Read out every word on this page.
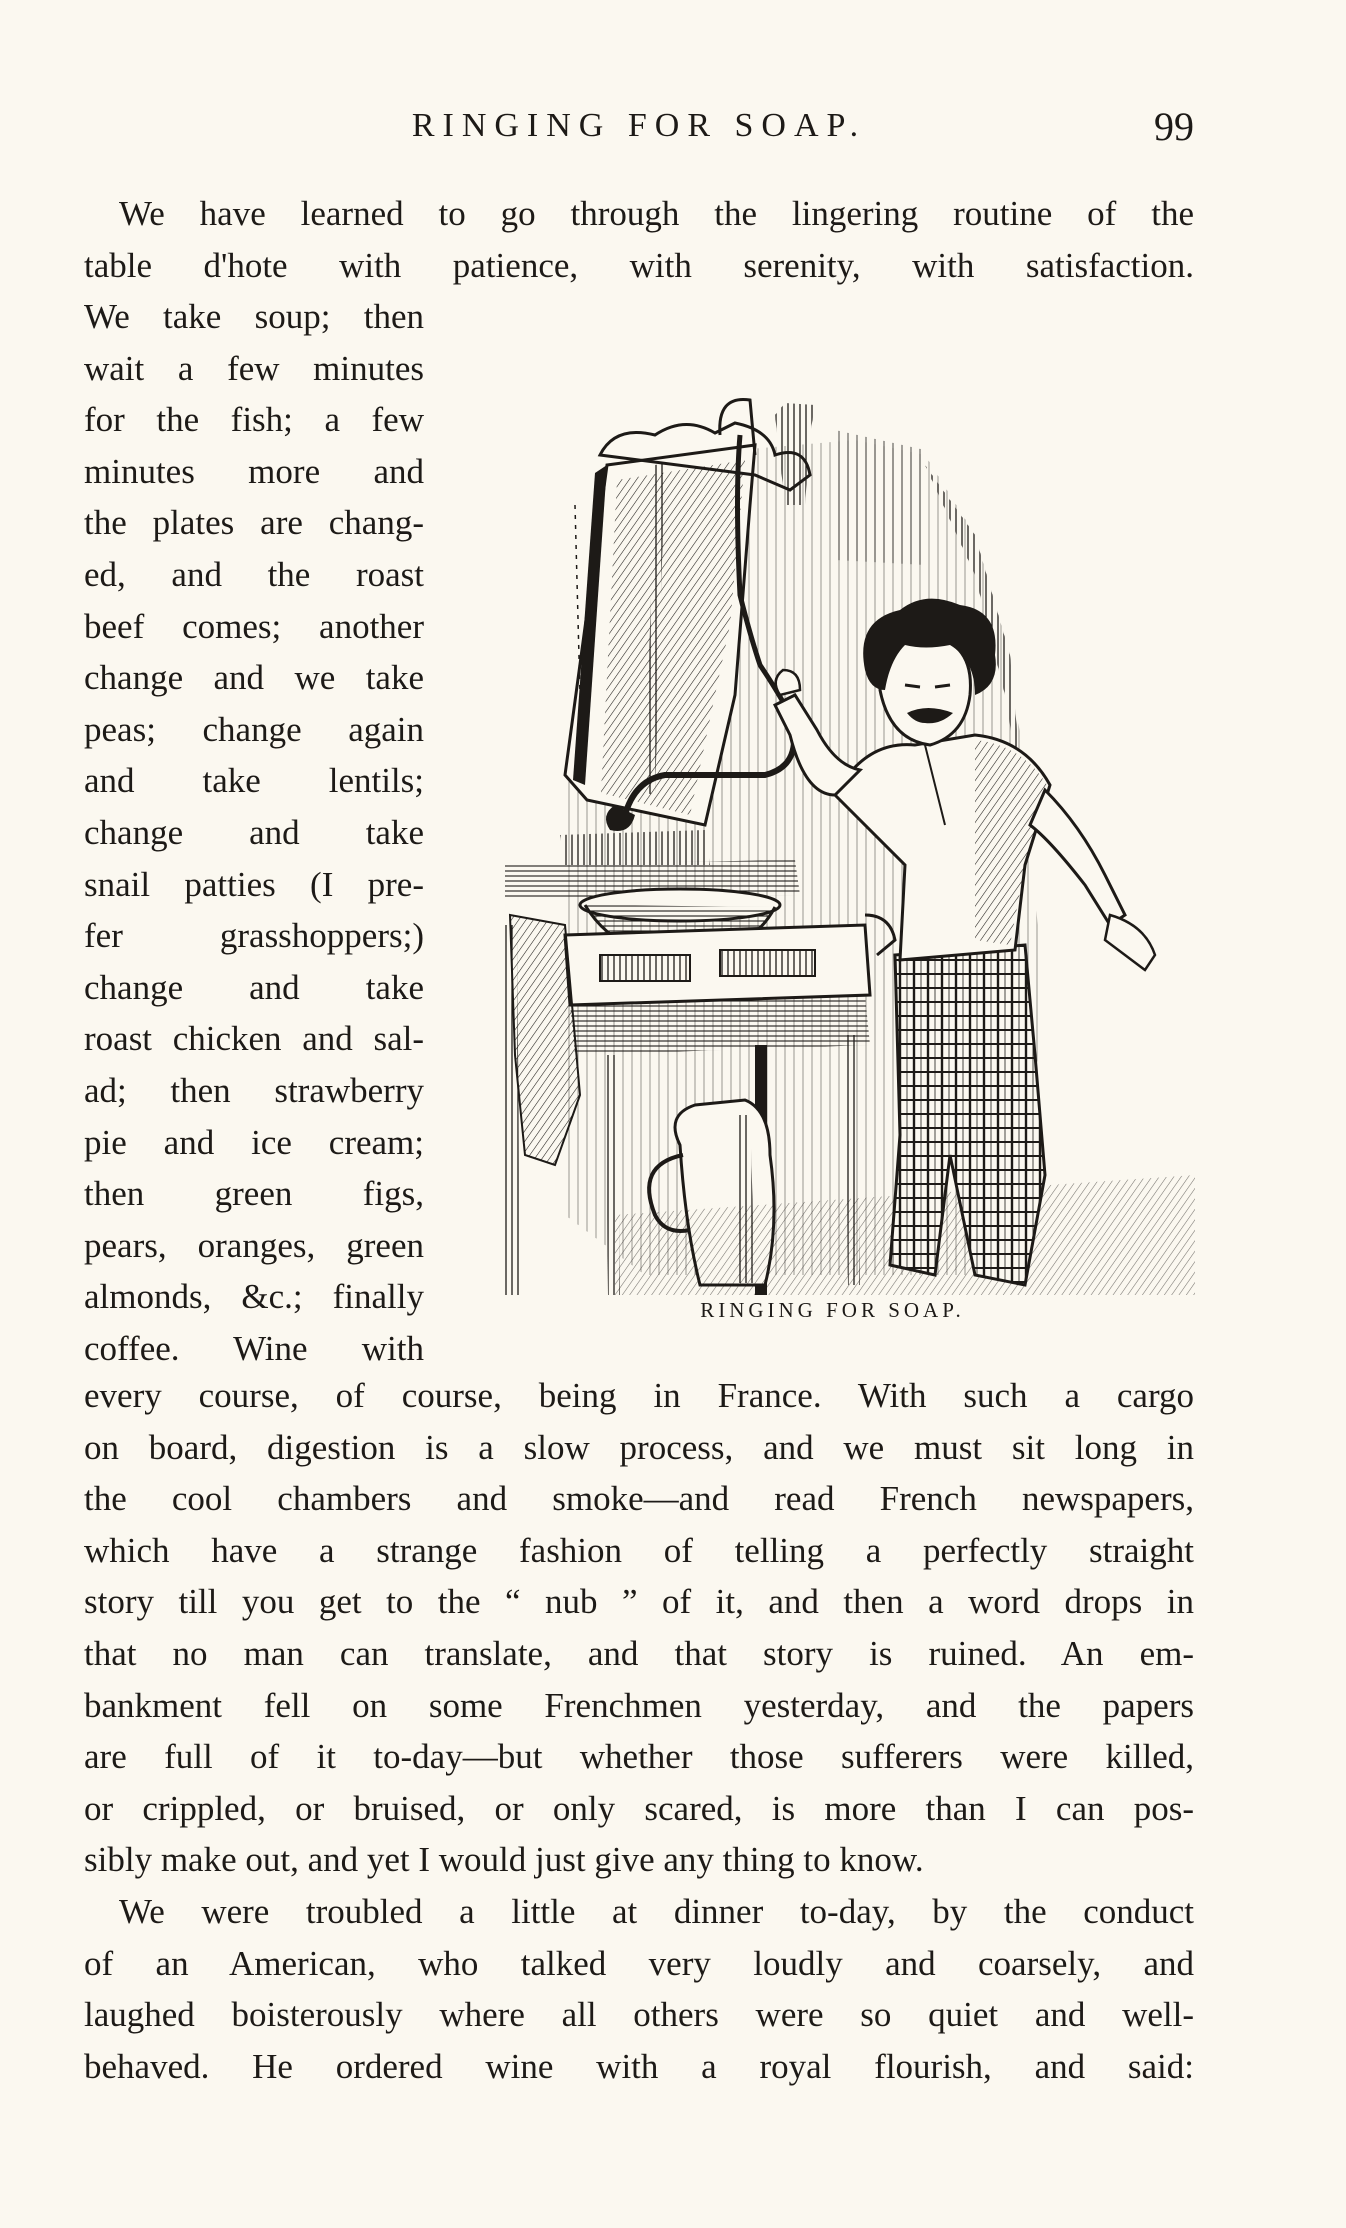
RINGING FOR SOAP.	99
We have learned to go through the lingering routine of the
table d'hote with patience, with serenity, with satisfaction.
We take soup; then
wait a few minutes
for the fish; a few
minutes more and
the plates are chang-
ed, and the roast
beef comes; another
change and we take
peas; change again
and take lentils;
change and take
snail patties (I pre-
fer grasshoppers;)
change and take
roast chicken and sal-
ad; then strawberry
pie and ice cream;
then green figs,
pears, oranges, green
almonds, &c.; finally
coffee. Wine with
RINGING FOR SOAP.
every course, of course, being in France. With such a cargo
on board, digestion is a slow process, and we must sit long in
the cool chambers and smoke—and read French newspapers,
which have a strange fashion of telling a perfectly straight
story till you get to the “ nub ” of it, and then a word drops in
that no man can translate, and that story is ruined. An em-
bankment fell on some Frenchmen yesterday, and the papers
are full of it to-day—but whether those sufferers were killed,
or crippled, or bruised, or only scared, is more than I can pos-
sibly make out, and yet I would just give any thing to know.
We were troubled a little at dinner to-day, by the conduct
of an American, who talked very loudly and coarsely, and
laughed boisterously where all others were so quiet and well-
behaved. He ordered wine with a royal flourish, and said:
